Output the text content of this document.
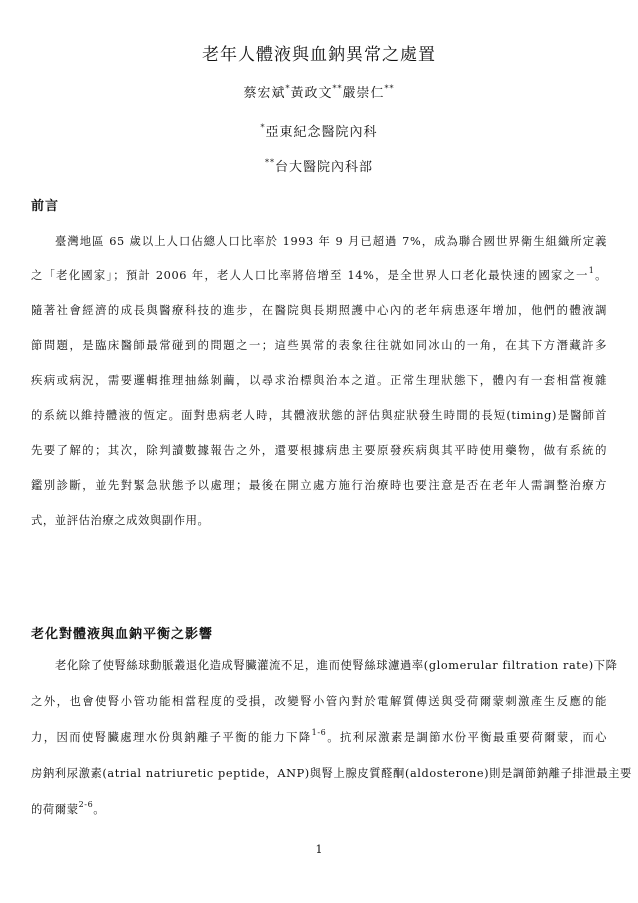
老年人體液與血鈉異常之處置
蔡宏斌*黃政文**嚴崇仁**
*亞東紀念醫院內科
**台大醫院內科部
前言
臺灣地區 65 歲以上人口佔總人口比率於 1993 年 9 月已超過 7%，成為聯合國世界衛生組織所定義
之「老化國家」；預計 2006 年，老人人口比率將倍增至 14%，是全世界人口老化最快速的國家之一$^1$。
隨著社會經濟的成長與醫療科技的進步，在醫院與長期照護中心內的老年病患逐年增加，他們的體液調
節問題，是臨床醫師最常碰到的問題之一；這些異常的表象往往就如同冰山的一角，在其下方潛藏許多
疾病或病況，需要邏輯推理抽絲剝繭，以尋求治標與治本之道。正常生理狀態下，體內有一套相當複雜
的系統以維持體液的恆定。面對患病老人時，其體液狀態的評估與症狀發生時間的長短(timing)是醫師首
先要了解的；其次，除判讀數據報告之外，還要根據病患主要原發疾病與其平時使用藥物，做有系統的
鑑別診斷，並先對緊急狀態予以處理；最後在開立處方施行治療時也要注意是否在老年人需調整治療方
式，並評估治療之成效與副作用。
老化對體液與血鈉平衡之影響
老化除了使腎絲球動脈叢退化造成腎臟灌流不足，進而使腎絲球濾過率(glomerular filtration rate)下降
之外，也會使腎小管功能相當程度的受損，改變腎小管內對於電解質傳送與受荷爾蒙刺激產生反應的能
力，因而使腎臟處理水份與鈉離子平衡的能力下降$^{1-6}$。抗利尿激素是調節水份平衡最重要荷爾蒙，而心
房鈉利尿激素(atrial natriuretic peptide，ANP)與腎上腺皮質醛酮(aldosterone)則是調節鈉離子排泄最主要
的荷爾蒙$^{2-6}$。
1
